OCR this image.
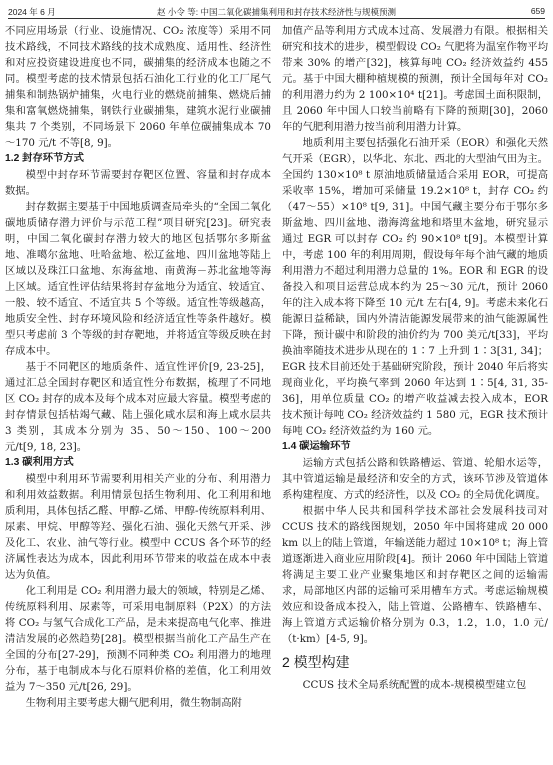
2024 年 6 月	赵 小令 等: 中国二氧化碳捕集利用和封存技术经济性与规模预测	659

不同应用场景（行业、设施情况、CO₂ 浓度等）采用不同技术路线，不同技术路线的技术成熟度、适用性、经济性和对应投资建设进度也不同，碳捕集的经济成本也随之不同。模型考虑的技术情景包括石油化工行业的化工厂尾气捕集和制热锅炉捕集，火电行业的燃烧前捕集、燃烧后捕集和富氧燃烧捕集，钢铁行业碳捕集，建筑水泥行业碳捕集共 7 个类别，不同场景下 2060 年单位碳捕集成本 70～170 元/t 不等[8, 9]。

1.2 封存环节方式

模型中封存环节需要封存靶区位置、容量和封存成本数据。

封存数据主要基于中国地质调查局牵头的“全国二氧化碳地质储存潜力评价与示范工程”项目研究[23]。研究表明，中国二氧化碳封存潜力较大的地区包括鄂尔多斯盆地、准噶尔盆地、吐哈盆地、松辽盆地、四川盆地等陆上区域以及珠江口盆地、东海盆地、南黄海－苏北盆地等海上区域。适宜性评估结果将封存盆地分为适宜、较适宜、一般、较不适宜、不适宜共 5 个等级。适宜性等级越高，地质安全性、封存环境风险和经济适宜性等条件越好。模型只考虑前 3 个等级的封存靶地，并将适宜等级反映在封存成本中。

基于不同靶区的地质条件、适宜性评价[9, 23-25]，通过汇总全国封存靶区和适宜性分布数据，梳理了不同地区 CO₂ 封存的成本及每个成本对应最大容量。模型考虑的封存情景包括枯竭气藏、陆上强化咸水层和海上咸水层共 3 类别，其成本分别为 35、50～150、100～200 元/t[9, 18, 23]。

1.3 碳利用方式

模型中利用环节需要利用相关产业的分布、利用潜力和利用效益数据。利用情景包括生物利用、化工利用和地质利用，具体包括乙醛、甲醇-乙烯、甲醇-传统原料利用、尿素、甲烷、甲醇等羟、强化石油、强化天然气开采、涉及化工、农业、油气等行业。模型中 CCUS 各个环节的经济属性表达为成本，因此利用环节带来的收益在成本中表达为负值。

化工利用是 CO₂ 利用潜力最大的领域，特别是乙烯、传统原料利用、尿素等，可采用电制原料（P2X）的方法将 CO₂ 与氢气合成化工产品，是未来提高电气化率、推进清洁发展的必然趋势[28]。模型根据当前化工产品生产在全国的分布[27-29]，预测不同种类 CO₂ 利用潜力的地理分布，基于电制成本与化石原料价格的差值，化工利用效益为 7～350 元/t[26, 29]。

生物利用主要考虑大棚气肥利用，微生物制高附

加值产品等利用方式成本过高、发展潜力有限。根据相关研究和技术的进步，模型假设 CO₂ 气肥将为温室作物平均带来 30% 的增产[32]，核算每吨 CO₂ 经济效益约 455 元。基于中国大棚种植规模的预测，预计全国每年对 CO₂ 的利用潜力约为 2 100×10⁴ t[21]。考虑国土面积限制，且 2060 年中国人口较当前略有下降的预期[30]，2060 年的气肥利用潜力按当前利用潜力计算。

地质利用主要包括强化石油开采（EOR）和强化天然气开采（EGR），以华北、东北、西北的大型油气田为主。全国约 130×10⁸ t 原油地质储量适合采用 EOR，可提高采收率 15%，增加可采储量 19.2×10⁸ t，封存 CO₂ 约（47～55）×10⁸ t[9, 31]。中国气藏主要分布于鄂尔多斯盆地、四川盆地、渤海湾盆地和塔里木盆地，研究显示通过 EGR 可以封存 CO₂ 约 90×10⁸ t[9]。本模型计算中，考虑 100 年的利用周期，假设每年每个油气藏的地质利用潜力不超过利用潜力总量的 1%。EOR 和 EGR 的设备投入和项目运营总成本约为 25～30 元/t，预计 2060 年的注入成本将下降至 10 元/t 左右[4, 9]。考虑未来化石能源日益稀缺，国内外清洁能源发展带来的油气能源属性下降，预计碳中和阶段的油价约为 700 美元/t[33]，平均换油率随技术进步从现在的 1∶7 上升到 1∶3[31, 34]；EGR 技术目前还处于基础研究阶段，预计 2040 年后将实现商业化，平均换气率到 2060 年达到 1∶5[4, 31, 35-36]，用单位质量 CO₂ 的增产收益减去投入成本，EOR 技术预计每吨 CO₂ 经济效益约 1 580 元，EGR 技术预计每吨 CO₂ 经济效益约为 160 元。

1.4 碳运输环节

运输方式包括公路和铁路槽运、管道、轮船水运等，其中管道运输是最经济和安全的方式，该环节涉及管道体系构建程度、方式的经济性，以及 CO₂ 的全局优化调度。

根据中华人民共和国科学技术部社会发展科技司对 CCUS 技术的路线图规划，2050 年中国将建成 20 000 km 以上的陆上管道，年输送能力超过 10×10⁸ t；海上管道逐渐进入商业应用阶段[4]。预计 2060 年中国陆上管道将满足主要工业产业聚集地区和封存靶区之间的运输需求，局部地区内部的运输可采用槽车方式。考虑运输规模效应和设备成本投入，陆上管道、公路槽车、铁路槽车、海上管道方式运输价格分别为 0.3，1.2，1.0，1.0 元/（t·km）[4-5, 9]。

2 模型构建

CCUS 技术全局系统配置的成本-规模模型建立包
